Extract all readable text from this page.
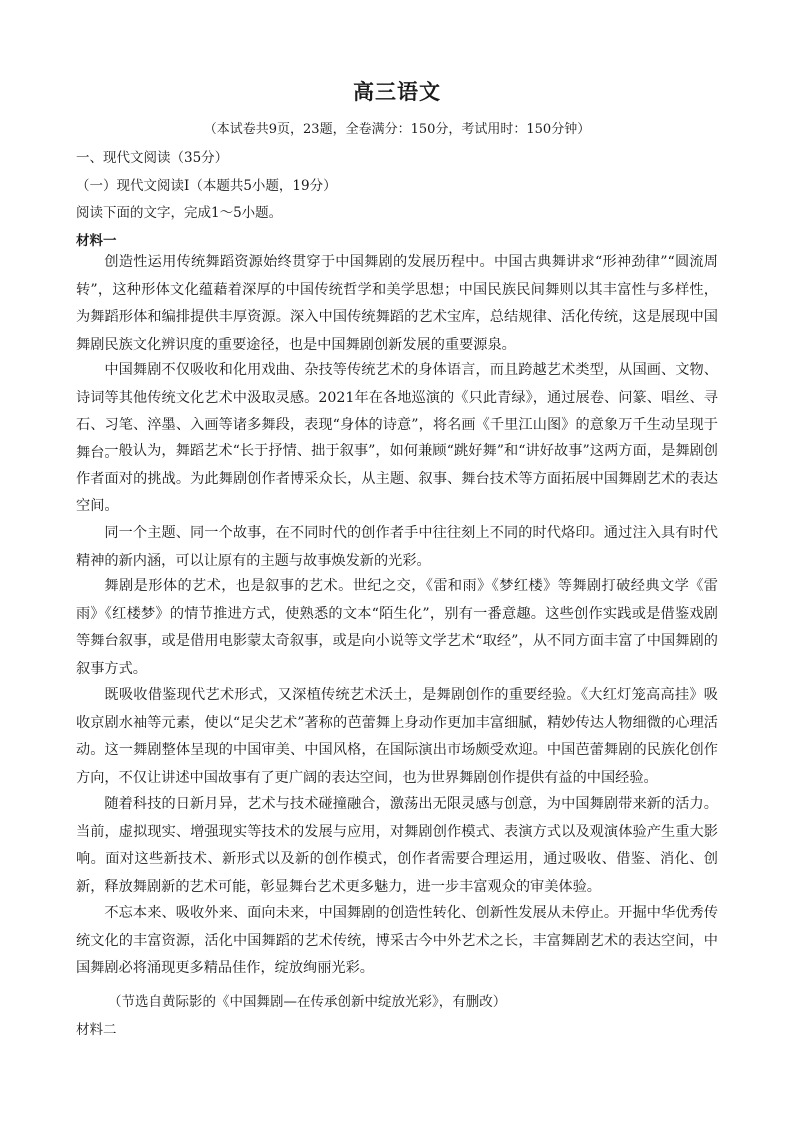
高三语文
（本试卷共9页，23题，全卷满分：150分，考试用时：150分钟）
一、现代文阅读（35分）
（一）现代文阅读Ⅰ（本题共5小题，19分）
阅读下面的文字，完成1～5小题。
材料一

创造性运用传统舞蹈资源始终贯穿于中国舞剧的发展历程中。中国古典舞讲求“形神劲律”“圆流周转”，这种形体文化蕴藉着深厚的中国传统哲学和美学思想；中国民族民间舞则以其丰富性与多样性，为舞蹈形体和编排提供丰厚资源。深入中国传统舞蹈的艺术宝库，总结规律、活化传统，这是展现中国舞剧民族文化辨识度的重要途径，也是中国舞剧创新发展的重要源泉。

中国舞剧不仅吸收和化用戏曲、杂技等传统艺术的身体语言，而且跨越艺术类型，从国画、文物、诗词等其他传统文化艺术中汲取灵感。2021年在各地巡演的《只此青绿》，通过展卷、问篆、唱丝、寻石、习笔、淬墨、入画等诸多舞段，表现“身体的诗意”，将名画《千里江山图》的意象万千生动呈现于舞台。

一般认为，舞蹈艺术“长于抒情、拙于叙事”，如何兼顾“跳好舞”和“讲好故事”这两方面，是舞剧创作者面对的挑战。为此舞剧创作者博采众长，从主题、叙事、舞台技术等方面拓展中国舞剧艺术的表达空间。

同一个主题、同一个故事，在不同时代的创作者手中往往刻上不同的时代烙印。通过注入具有时代精神的新内涵，可以让原有的主题与故事焕发新的光彩。

舞剧是形体的艺术，也是叙事的艺术。世纪之交，《雷和雨》《梦红楼》等舞剧打破经典文学《雷雨》《红楼梦》的情节推进方式，使熟悉的文本“陌生化”，别有一番意趣。这些创作实践或是借鉴戏剧等舞台叙事，或是借用电影蒙太奇叙事，或是向小说等文学艺术“取经”，从不同方面丰富了中国舞剧的叙事方式。

既吸收借鉴现代艺术形式，又深植传统艺术沃土，是舞剧创作的重要经验。《大红灯笼高高挂》吸收京剧水袖等元素，使以“足尖艺术”著称的芭蕾舞上身动作更加丰富细腻，精妙传达人物细微的心理活动。这一舞剧整体呈现的中国审美、中国风格，在国际演出市场颇受欢迎。中国芭蕾舞剧的民族化创作方向，不仅让讲述中国故事有了更广阔的表达空间，也为世界舞剧创作提供有益的中国经验。

随着科技的日新月异，艺术与技术碰撞融合，激荡出无限灵感与创意，为中国舞剧带来新的活力。当前，虚拟现实、增强现实等技术的发展与应用，对舞剧创作模式、表演方式以及观演体验产生重大影响。面对这些新技术、新形式以及新的创作模式，创作者需要合理运用，通过吸收、借鉴、消化、创新，释放舞剧新的艺术可能，彰显舞台艺术更多魅力，进一步丰富观众的审美体验。

不忘本来、吸收外来、面向未来，中国舞剧的创造性转化、创新性发展从未停止。开掘中华优秀传统文化的丰富资源，活化中国舞蹈的艺术传统，博采古今中外艺术之长，丰富舞剧艺术的表达空间，中国舞剧必将涌现更多精品佳作，绽放绚丽光彩。

（节选自黄际影的《中国舞剧—在传承创新中绽放光彩》，有删改）
材料二
